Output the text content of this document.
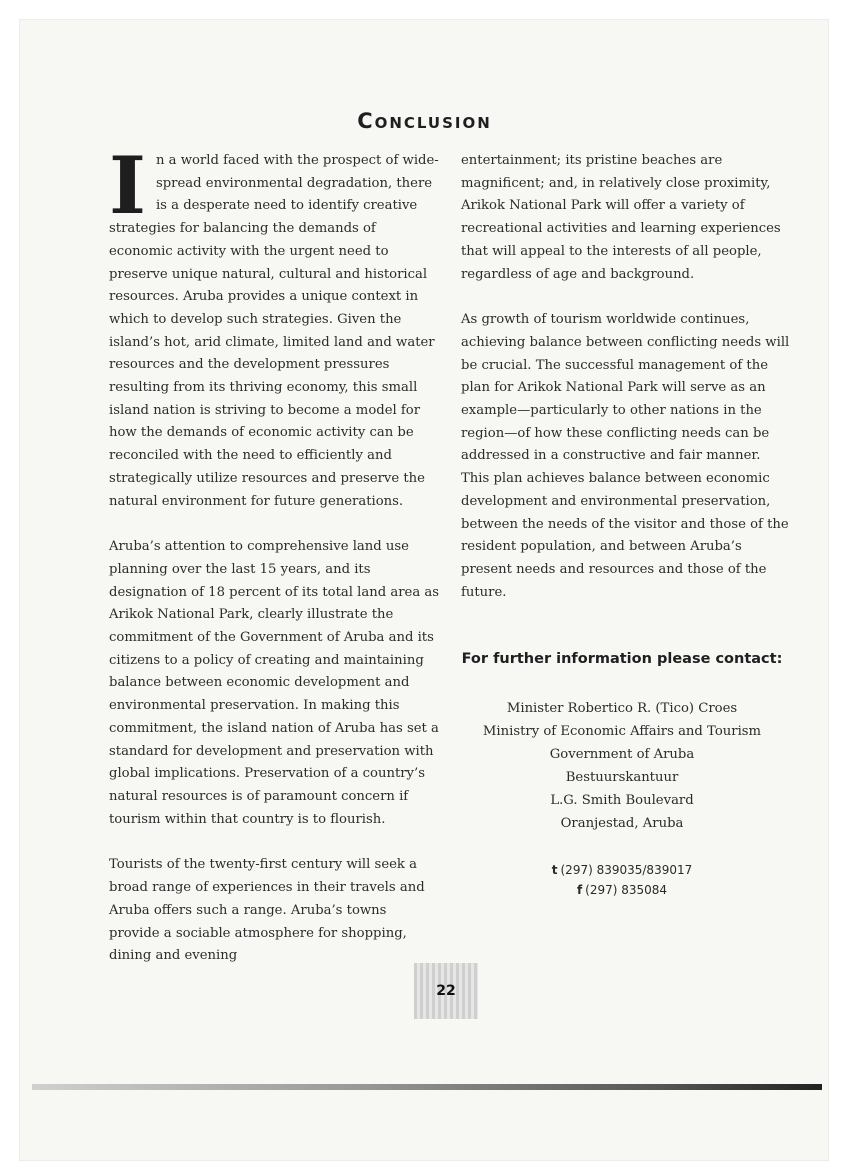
Conclusion

In a world faced with the prospect of wide-spread environmental degradation, there is a desperate need to identify creative strategies for balancing the demands of economic activity with the urgent need to preserve unique natural, cultural and historical resources. Aruba provides a unique context in which to develop such strategies. Given the island’s hot, arid climate, limited land and water resources and the development pressures resulting from its thriving economy, this small island nation is striving to become a model for how the demands of economic activity can be reconciled with the need to efficiently and strategically utilize resources and preserve the natural environment for future generations.

Aruba’s attention to comprehensive land use planning over the last 15 years, and its designation of 18 percent of its total land area as Arikok National Park, clearly illustrate the commitment of the Government of Aruba and its citizens to a policy of creating and maintaining balance between economic development and environmental preservation. In making this commitment, the island nation of Aruba has set a standard for development and preservation with global implications. Preservation of a country’s natural resources is of paramount concern if tourism within that country is to flourish.

Tourists of the twenty-first century will seek a broad range of experiences in their travels and Aruba offers such a range. Aruba’s towns provide a sociable atmosphere for shopping, dining and evening

entertainment; its pristine beaches are magnificent; and, in relatively close proximity, Arikok National Park will offer a variety of recreational activities and learning experiences that will appeal to the interests of all people, regardless of age and background.

As growth of tourism worldwide continues, achieving balance between conflicting needs will be crucial. The successful management of the plan for Arikok National Park will serve as an example—particularly to other nations in the region—of how these conflicting needs can be addressed in a constructive and fair manner. This plan achieves balance between economic development and environmental preservation, between the needs of the visitor and those of the resident population, and between Aruba’s present needs and resources and those of the future.

For further information please contact:
Minister Robertico R. (Tico) Croes
Ministry of Economic Affairs and Tourism
Government of Aruba
Bestuurskantuur
L.G. Smith Boulevard
Oranjestad, Aruba
t (297) 839035/839017
f (297) 835084
22
